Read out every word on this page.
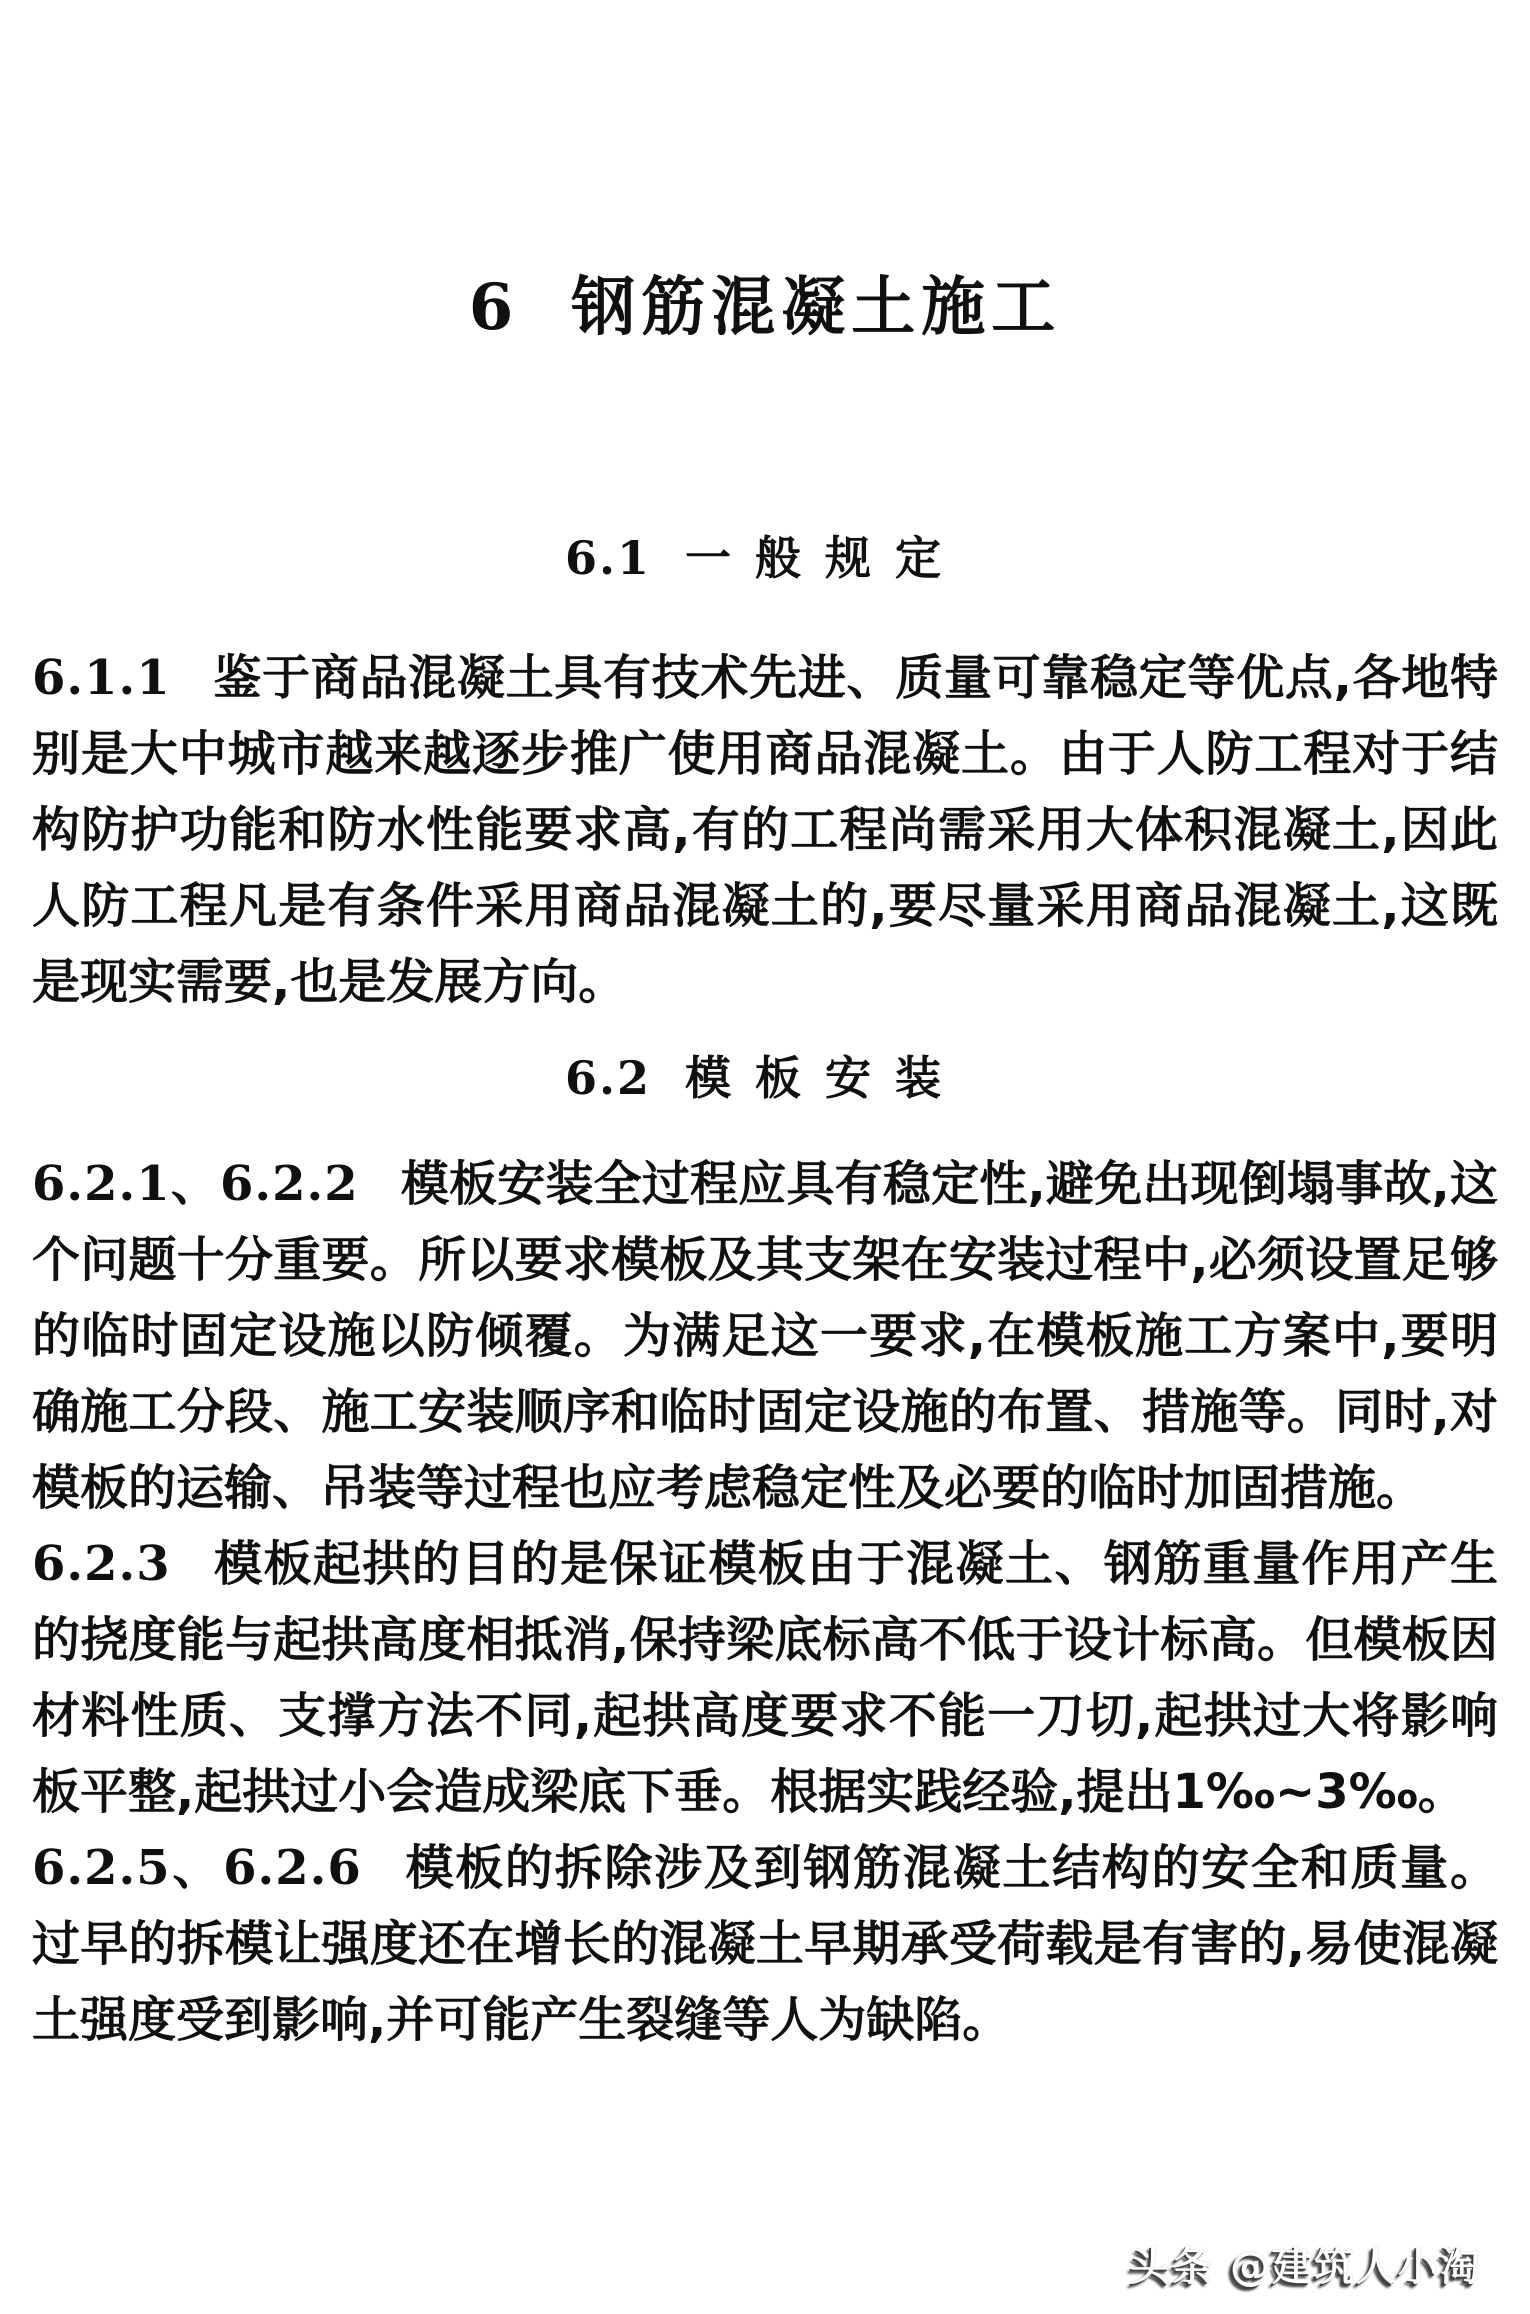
6 钢筋混凝土施工
6.1 一般规定

6.1.1 鉴于商品混凝土具有技术先进、质量可靠稳定等优点,各地特别是大中城市越来越逐步推广使用商品混凝土。由于人防工程对于结构防护功能和防水性能要求高,有的工程尚需采用大体积混凝土,因此人防工程凡是有条件采用商品混凝土的,要尽量采用商品混凝土,这既是现实需要,也是发展方向。

6.2 模板安装

6.2.1、6.2.2 模板安装全过程应具有稳定性,避免出现倒塌事故,这个问题十分重要。所以要求模板及其支架在安装过程中,必须设置足够的临时固定设施以防倾覆。为满足这一要求,在模板施工方案中,要明确施工分段、施工安装顺序和临时固定设施的布置、措施等。同时,对模板的运输、吊装等过程也应考虑稳定性及必要的临时加固措施。

6.2.3 模板起拱的目的是保证模板由于混凝土、钢筋重量作用产生的挠度能与起拱高度相抵消,保持梁底标高不低于设计标高。但模板因材料性质、支撑方法不同,起拱高度要求不能一刀切,起拱过大将影响板平整,起拱过小会造成梁底下垂。根据实践经验,提出1‰~3‰。

6.2.5、6.2.6 模板的拆除涉及到钢筋混凝土结构的安全和质量。过早的拆模让强度还在增长的混凝土早期承受荷载是有害的,易使混凝土强度受到影响,并可能产生裂缝等人为缺陷。

头条 @建筑人小淘
